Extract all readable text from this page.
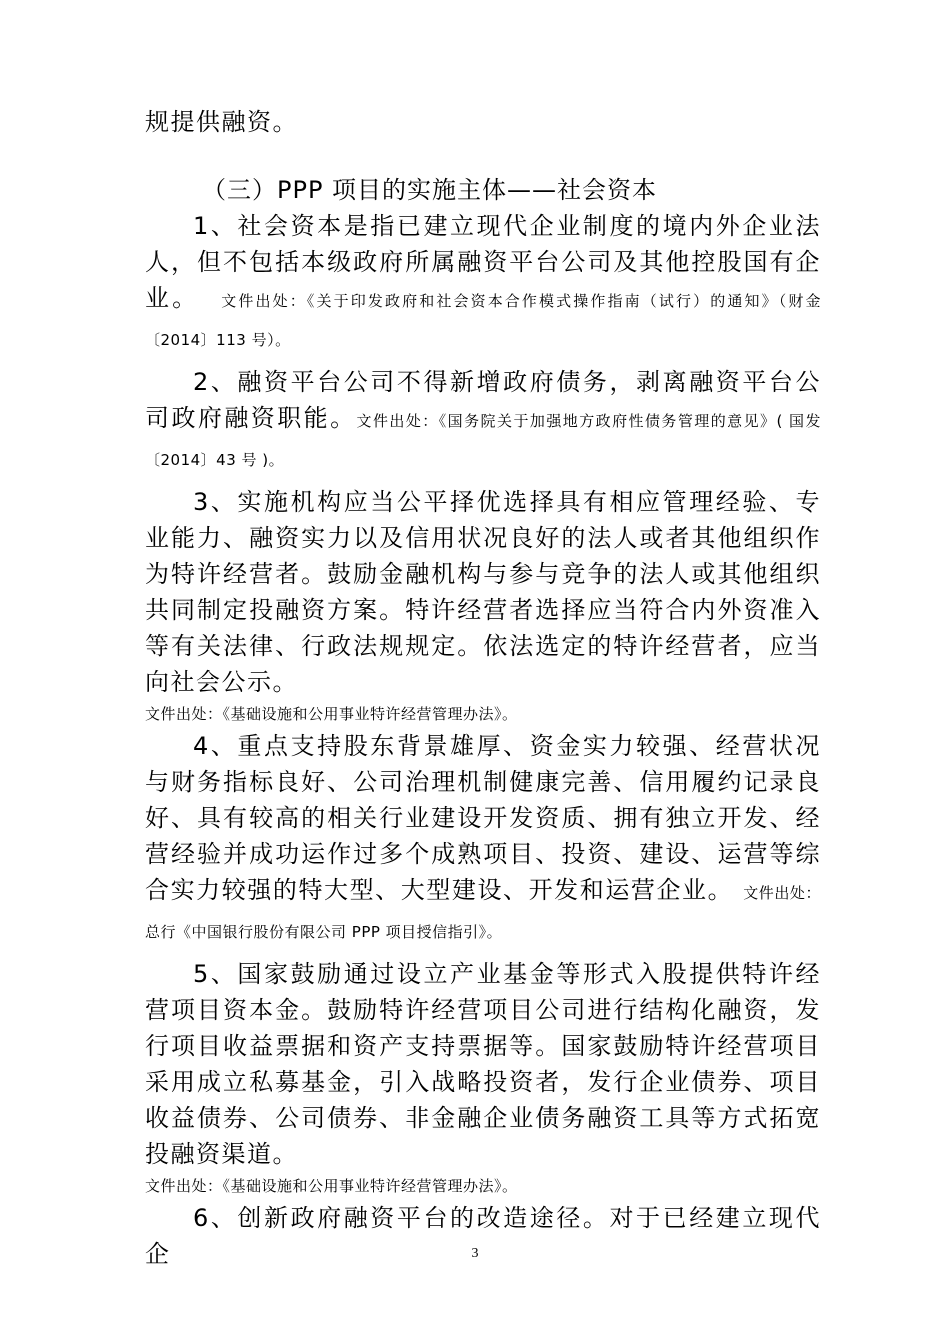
规提供融资。

（三）PPP 项目的实施主体——社会资本

1、社会资本是指已建立现代企业制度的境内外企业法人，但不包括本级政府所属融资平台公司及其他控股国有企业。 文件出处：《关于印发政府和社会资本合作模式操作指南（试行）的通知》（财金〔2014〕113 号）。

2、融资平台公司不得新增政府债务，剥离融资平台公司政府融资职能。文件出处：《国务院关于加强地方政府性债务管理的意见》( 国发〔2014〕43 号 )。

3、实施机构应当公平择优选择具有相应管理经验、专业能力、融资实力以及信用状况良好的法人或者其他组织作为特许经营者。鼓励金融机构与参与竞争的法人或其他组织共同制定投融资方案。特许经营者选择应当符合内外资准入等有关法律、行政法规规定。依法选定的特许经营者，应当向社会公示。

文件出处：《基础设施和公用事业特许经营管理办法》。

4、重点支持股东背景雄厚、资金实力较强、经营状况与财务指标良好、公司治理机制健康完善、信用履约记录良好、具有较高的相关行业建设开发资质、拥有独立开发、经营经验并成功运作过多个成熟项目、投资、建设、运营等综合实力较强的特大型、大型建设、开发和运营企业。 文件出处：总行《中国银行股份有限公司 PPP 项目授信指引》。

5、国家鼓励通过设立产业基金等形式入股提供特许经营项目资本金。鼓励特许经营项目公司进行结构化融资，发行项目收益票据和资产支持票据等。国家鼓励特许经营项目采用成立私募基金，引入战略投资者，发行企业债券、项目收益债券、公司债券、非金融企业债务融资工具等方式拓宽投融资渠道。

文件出处：《基础设施和公用事业特许经营管理办法》。

6、创新政府融资平台的改造途径。对于已经建立现代企	3
